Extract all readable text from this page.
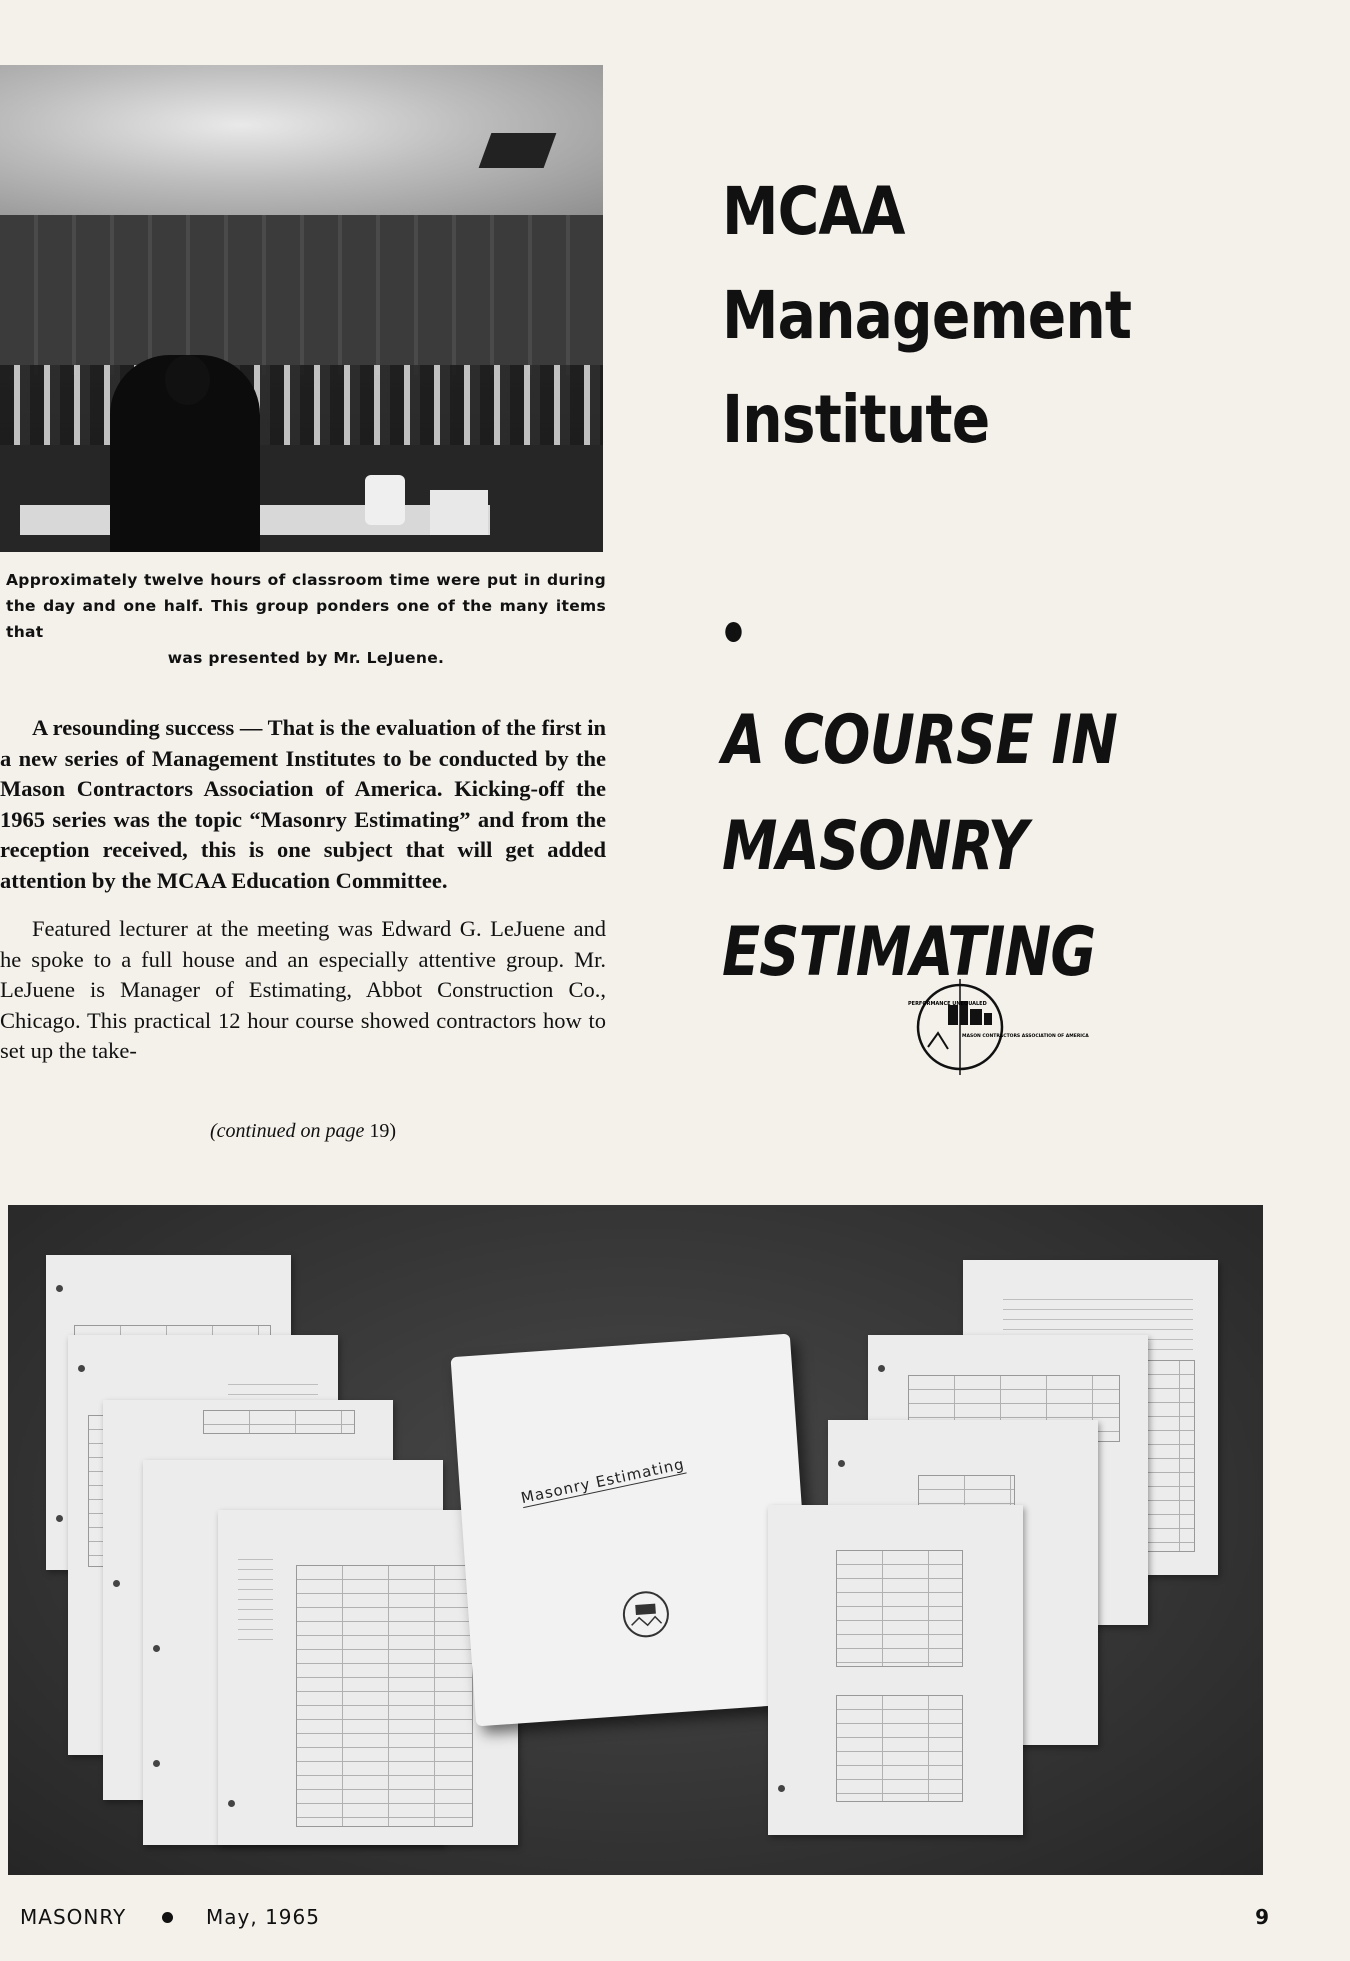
Approximately twelve hours of classroom time were put in during the day and one half. This group ponders one of the many items that
was presented by Mr. LeJuene.

MCAA
Management
Institute
A COURSE IN
MASONRY
ESTIMATING
PERFORMANCE UNEQUALED
MASON CONTRACTORS ASSOCIATION OF AMERICA

A resounding success — That is the evaluation of the first in a new series of Management Institutes to be conducted by the Mason Contractors Association of America. Kicking-off the 1965 series was the topic “Masonry Estimating” and from the reception received, this is one subject that will get added attention by the MCAA Education Committee.

Featured lecturer at the meeting was Edward G. LeJuene and he spoke to a full house and an especially attentive group. Mr. LeJuene is Manager of Estimating, Abbot Construction Co., Chicago. This practical 12 hour course showed contractors how to set up the take-

(continued on page 19)

Masonry Estimating
MASONRY	May, 1965	9
